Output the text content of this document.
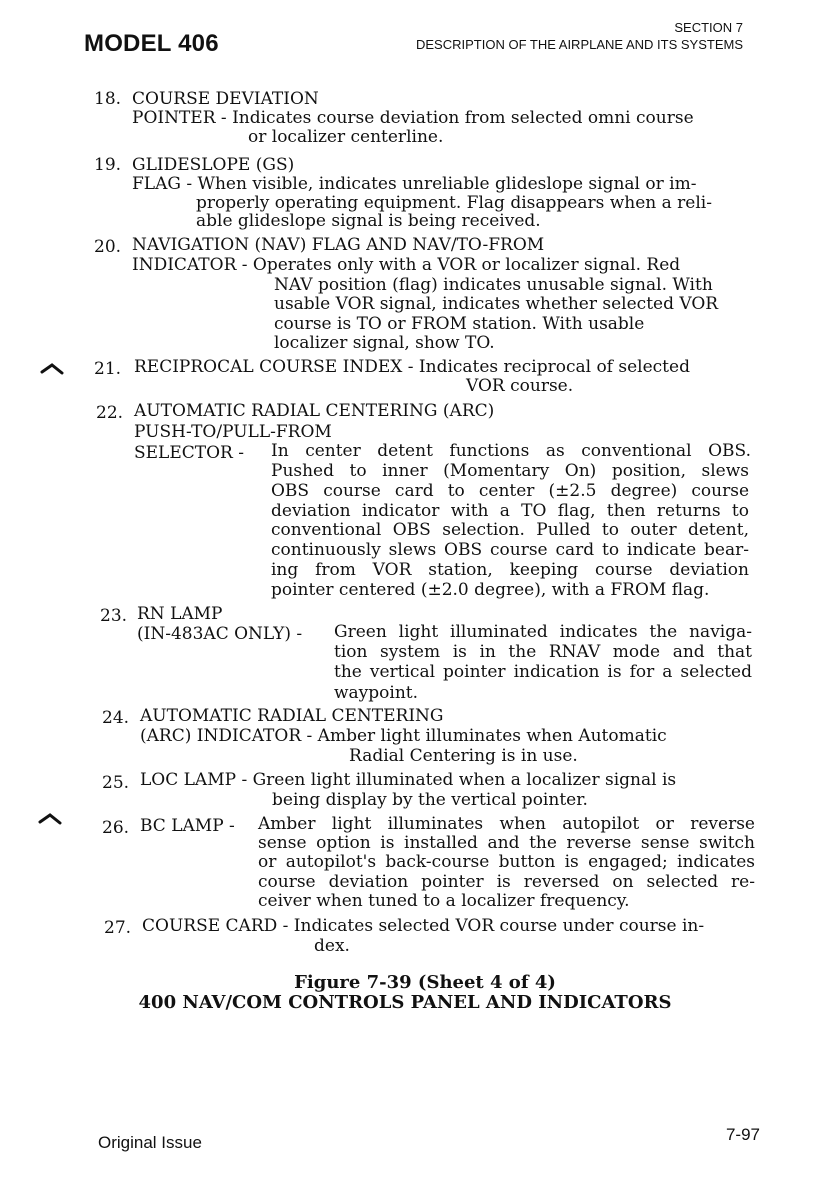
MODEL 406
SECTION 7
DESCRIPTION OF THE AIRPLANE AND ITS SYSTEMS
18. COURSE DEVIATION
POINTER - Indicates course deviation from selected omni course
or localizer centerline.
19. GLIDESLOPE (GS)
FLAG - When visible, indicates unreliable glideslope signal or im-
properly operating equipment. Flag disappears when a reli-
able glideslope signal is being received.
20. NAVIGATION (NAV) FLAG AND NAV/TO-FROM
INDICATOR - Operates only with a VOR or localizer signal. Red
NAV position (flag) indicates unusable signal. With
usable VOR signal, indicates whether selected VOR
course is TO or FROM station. With usable
localizer signal, show TO.
21. RECIPROCAL COURSE INDEX - Indicates reciprocal of selected
VOR course.
22. AUTOMATIC RADIAL CENTERING (ARC)
PUSH-TO/PULL-FROM
SELECTOR - In center detent functions as conventional OBS.
Pushed to inner (Momentary On) position, slews
OBS course card to center (±2.5 degree) course
deviation indicator with a TO flag, then returns to
conventional OBS selection. Pulled to outer detent,
continuously slews OBS course card to indicate bear-
ing from VOR station, keeping course deviation
pointer centered (±2.0 degree), with a FROM flag.
23. RN LAMP
(IN-483AC ONLY) - Green light illuminated indicates the naviga-
tion system is in the RNAV mode and that
the vertical pointer indication is for a selected
waypoint.
24. AUTOMATIC RADIAL CENTERING
(ARC) INDICATOR - Amber light illuminates when Automatic
Radial Centering is in use.
25. LOC LAMP - Green light illuminated when a localizer signal is
being display by the vertical pointer.
26. BC LAMP - Amber light illuminates when autopilot or reverse
sense option is installed and the reverse sense switch
or autopilot's back-course button is engaged; indicates
course deviation pointer is reversed on selected re-
ceiver when tuned to a localizer frequency.
27. COURSE CARD - Indicates selected VOR course under course in-
dex.
Figure 7-39 (Sheet 4 of 4)
400 NAV/COM CONTROLS PANEL AND INDICATORS
Original Issue	7-97
